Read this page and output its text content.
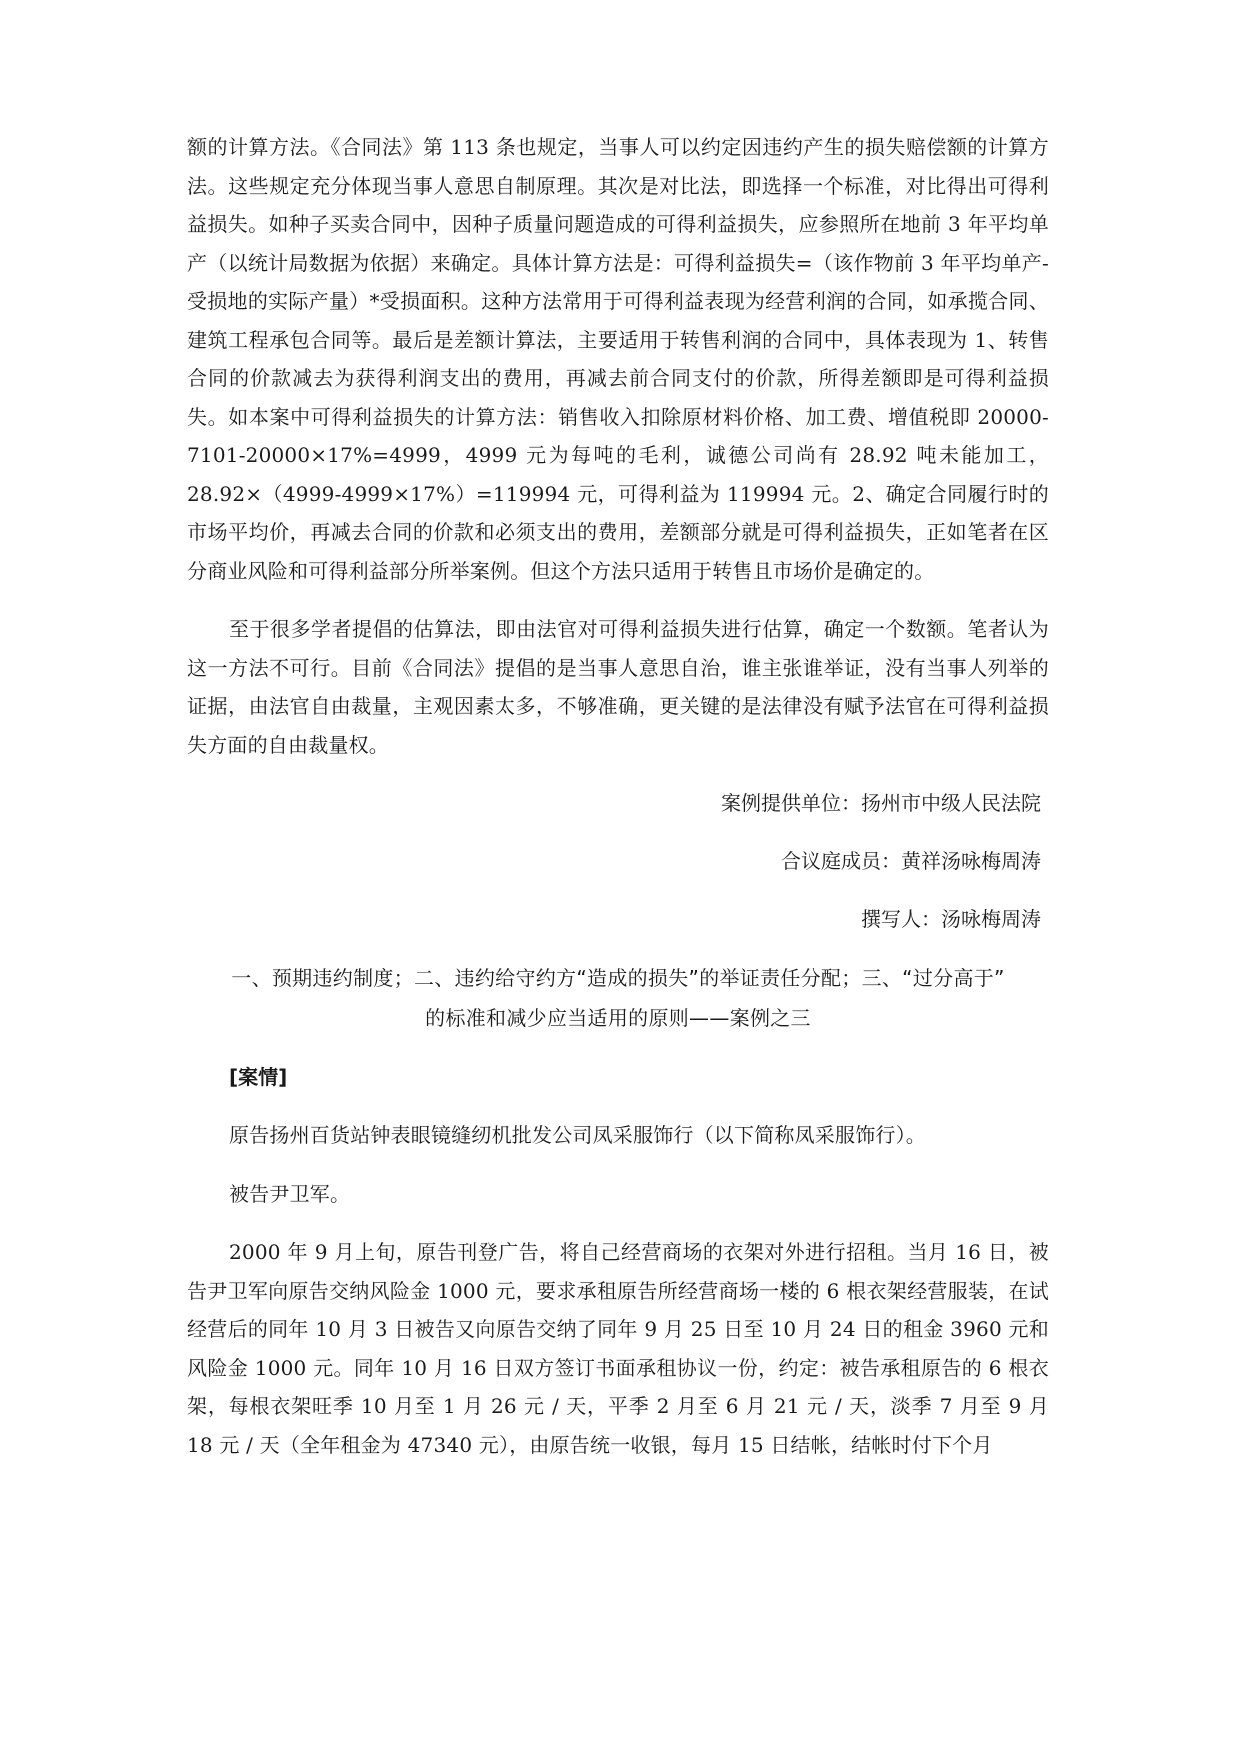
额的计算方法。《合同法》第 113 条也规定，当事人可以约定因违约产生的损失赔偿额的计算方法。这些规定充分体现当事人意思自制原理。其次是对比法，即选择一个标准，对比得出可得利益损失。如种子买卖合同中，因种子质量问题造成的可得利益损失，应参照所在地前 3 年平均单产（以统计局数据为依据）来确定。具体计算方法是：可得利益损失=（该作物前 3 年平均单产-受损地的实际产量）*受损面积。这种方法常用于可得利益表现为经营利润的合同，如承揽合同、建筑工程承包合同等。最后是差额计算法，主要适用于转售利润的合同中，具体表现为 1、转售合同的价款减去为获得利润支出的费用，再减去前合同支付的价款，所得差额即是可得利益损失。如本案中可得利益损失的计算方法：销售收入扣除原材料价格、加工费、增值税即 20000-7101-20000×17%=4999，4999 元为每吨的毛利，诚德公司尚有 28.92 吨未能加工，28.92×（4999-4999×17%）=119994 元，可得利益为 119994 元。2、确定合同履行时的市场平均价，再减去合同的价款和必须支出的费用，差额部分就是可得利益损失，正如笔者在区分商业风险和可得利益部分所举案例。但这个方法只适用于转售且市场价是确定的。

至于很多学者提倡的估算法，即由法官对可得利益损失进行估算，确定一个数额。笔者认为这一方法不可行。目前《合同法》提倡的是当事人意思自治，谁主张谁举证，没有当事人列举的证据，由法官自由裁量，主观因素太多，不够准确，更关键的是法律没有赋予法官在可得利益损失方面的自由裁量权。

案例提供单位：扬州市中级人民法院

合议庭成员：黄祥汤咏梅周涛

撰写人：汤咏梅周涛

一、预期违约制度；二、违约给守约方“造成的损失”的举证责任分配；三、“过分高于”

的标准和减少应当适用的原则——案例之三

[案情]

原告扬州百货站钟表眼镜缝纫机批发公司凤采服饰行（以下简称凤采服饰行）。

被告尹卫军。

2000 年 9 月上旬，原告刊登广告，将自己经营商场的衣架对外进行招租。当月 16 日，被告尹卫军向原告交纳风险金 1000 元，要求承租原告所经营商场一楼的 6 根衣架经营服装，在试经营后的同年 10 月 3 日被告又向原告交纳了同年 9 月 25 日至 10 月 24 日的租金 3960 元和风险金 1000 元。同年 10 月 16 日双方签订书面承租协议一份，约定：被告承租原告的 6 根衣架，每根衣架旺季 10 月至 1 月 26 元 / 天，平季 2 月至 6 月 21 元 / 天，淡季 7 月至 9 月 18 元 / 天（全年租金为 47340 元），由原告统一收银，每月 15 日结帐，结帐时付下个月
